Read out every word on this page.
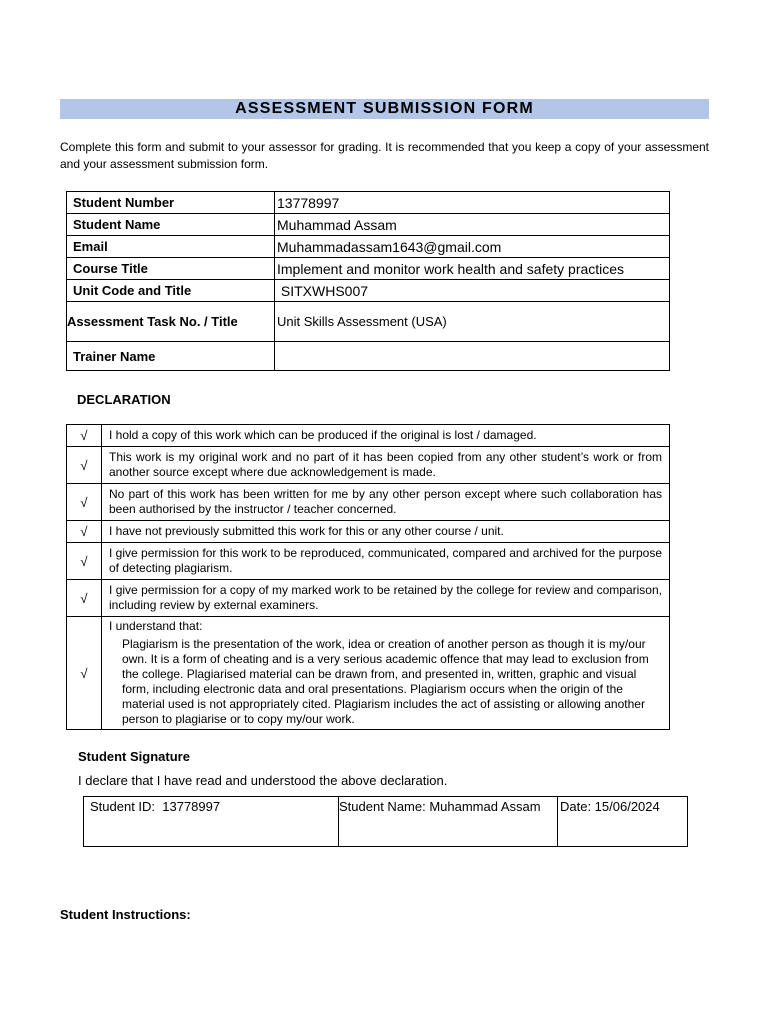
ASSESSMENT SUBMISSION FORM
Complete this form and submit to your assessor for grading. It is recommended that you keep a copy of your assessment and your assessment submission form.
Student Number	13778997
Student Name	Muhammad Assam
Email	Muhammadassam1643@gmail.com
Course Title	Implement and monitor work health and safety practices
Unit Code and Title	SITXWHS007
Assessment Task No. / Title	Unit Skills Assessment (USA)
Trainer Name	
DECLARATION
√	I hold a copy of this work which can be produced if the original is lost / damaged.
√	This work is my original work and no part of it has been copied from any other student’s work or from another source except where due acknowledgement is made.
√	No part of this work has been written for me by any other person except where such collaboration has been authorised by the instructor / teacher concerned.
√	I have not previously submitted this work for this or any other course / unit.
√	I give permission for this work to be reproduced, communicated, compared and archived for the purpose of detecting plagiarism.
√	I give permission for a copy of my marked work to be retained by the college for review and comparison, including review by external examiners.
√	I understand that:
Plagiarism is the presentation of the work, idea or creation of another person as though it is my/our own. It is a form of cheating and is a very serious academic offence that may lead to exclusion from the college. Plagiarised material can be drawn from, and presented in, written, graphic and visual form, including electronic data and oral presentations. Plagiarism occurs when the origin of the material used is not appropriately cited. Plagiarism includes the act of assisting or allowing another person to plagiarise or to copy my/our work.
Student Signature
I declare that I have read and understood the above declaration.
Student ID:  13778997	Student Name: Muhammad Assam	Date: 15/06/2024
Student Instructions:
